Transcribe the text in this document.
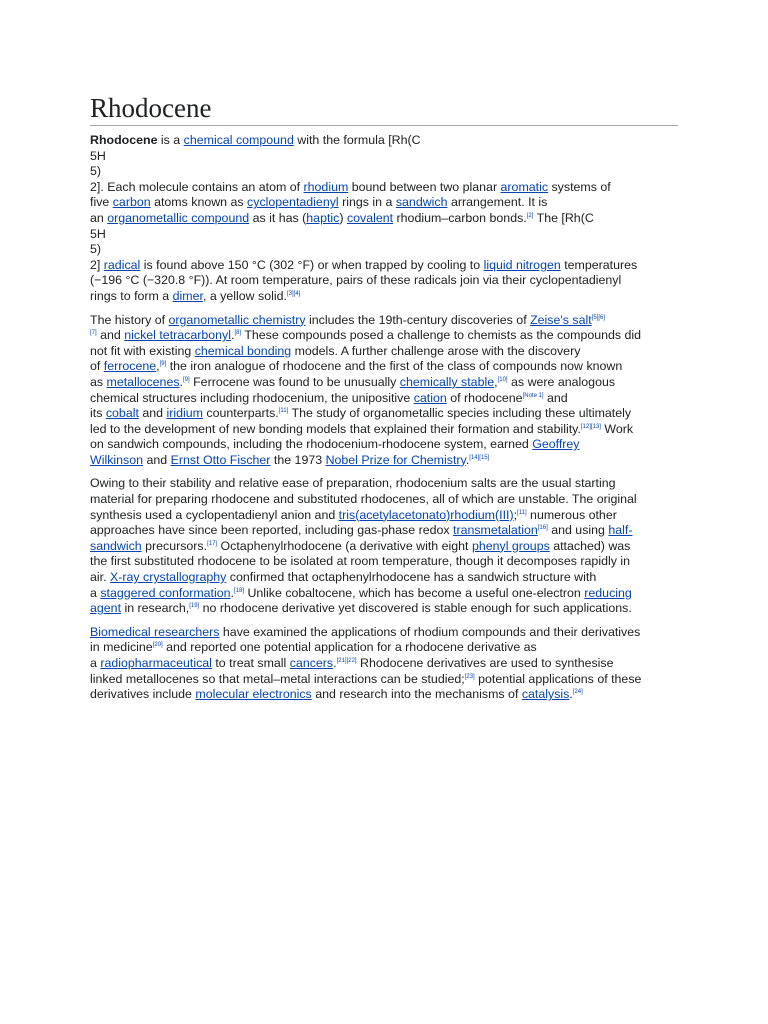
Rhodocene

Rhodocene is a chemical compound with the formula [Rh(C
5H
5)
2]. Each molecule contains an atom of rhodium bound between two planar aromatic systems of
five carbon atoms known as cyclopentadienyl rings in a sandwich arrangement. It is
an organometallic compound as it has (haptic) covalent rhodium–carbon bonds.[2] The [Rh(C
5H
5)
2] radical is found above 150 °C (302 °F) or when trapped by cooling to liquid nitrogen temperatures
(−196 °C (−320.8 °F)). At room temperature, pairs of these radicals join via their cyclopentadienyl
rings to form a dimer, a yellow solid.[3][4]

The history of organometallic chemistry includes the 19th-century discoveries of Zeise's salt[5][6]
[7] and nickel tetracarbonyl.[8] These compounds posed a challenge to chemists as the compounds did
not fit with existing chemical bonding models. A further challenge arose with the discovery
of ferrocene,[9] the iron analogue of rhodocene and the first of the class of compounds now known
as metallocenes.[9] Ferrocene was found to be unusually chemically stable,[10] as were analogous
chemical structures including rhodocenium, the unipositive cation of rhodocene[Note 1] and
its cobalt and iridium counterparts.[11] The study of organometallic species including these ultimately
led to the development of new bonding models that explained their formation and stability.[12][13] Work
on sandwich compounds, including the rhodocenium-rhodocene system, earned Geoffrey
Wilkinson and Ernst Otto Fischer the 1973 Nobel Prize for Chemistry.[14][15]

Owing to their stability and relative ease of preparation, rhodocenium salts are the usual starting
material for preparing rhodocene and substituted rhodocenes, all of which are unstable. The original
synthesis used a cyclopentadienyl anion and tris(acetylacetonato)rhodium(III);[11] numerous other
approaches have since been reported, including gas-phase redox transmetalation[16] and using half-
sandwich precursors.[17] Octaphenylrhodocene (a derivative with eight phenyl groups attached) was
the first substituted rhodocene to be isolated at room temperature, though it decomposes rapidly in
air. X-ray crystallography confirmed that octaphenylrhodocene has a sandwich structure with
a staggered conformation.[18] Unlike cobaltocene, which has become a useful one-electron reducing
agent in research,[19] no rhodocene derivative yet discovered is stable enough for such applications.

Biomedical researchers have examined the applications of rhodium compounds and their derivatives
in medicine[20] and reported one potential application for a rhodocene derivative as
a radiopharmaceutical to treat small cancers.[21][22] Rhodocene derivatives are used to synthesise
linked metallocenes so that metal–metal interactions can be studied;[23] potential applications of these
derivatives include molecular electronics and research into the mechanisms of catalysis.[24]
